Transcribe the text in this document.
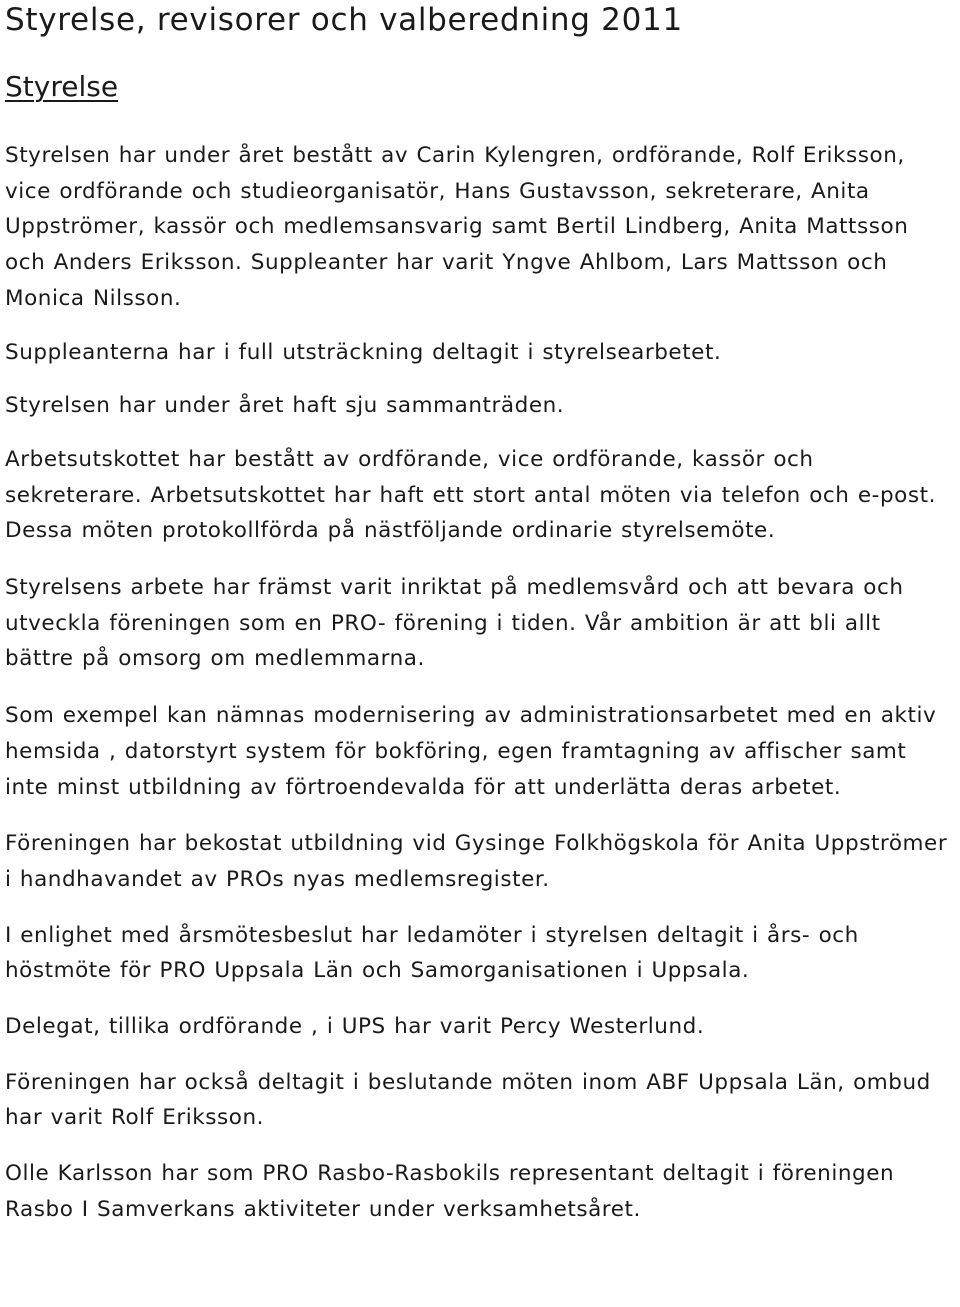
Styrelse, revisorer och valberedning 2011
Styrelse

Styrelsen har under året bestått av Carin Kylengren, ordförande, Rolf Eriksson, vice ordförande och studieorganisatör, Hans Gustavsson, sekreterare, Anita Uppströmer, kassör och medlemsansvarig samt Bertil Lindberg, Anita Mattsson och Anders Eriksson. Suppleanter har varit Yngve Ahlbom, Lars Mattsson och Monica Nilsson.

Suppleanterna har i full utsträckning deltagit i styrelsearbetet.

Styrelsen har under året haft sju sammanträden.

Arbetsutskottet har bestått av ordförande, vice ordförande, kassör och sekreterare. Arbetsutskottet har haft ett stort antal möten via telefon och e-post. Dessa möten protokollförda på nästföljande ordinarie styrelsemöte.

Styrelsens arbete har främst varit inriktat på medlemsvård och att bevara och utveckla föreningen som en PRO- förening i tiden. Vår ambition är att bli allt bättre på omsorg om medlemmarna.

Som exempel kan nämnas modernisering av administrationsarbetet med en aktiv hemsida , datorstyrt system för bokföring, egen framtagning av affischer samt inte minst utbildning av förtroendevalda för att underlätta deras arbetet.

Föreningen har bekostat utbildning vid Gysinge Folkhögskola för Anita Uppströmer i handhavandet av PROs nyas medlemsregister.

I enlighet med årsmötesbeslut har ledamöter i styrelsen deltagit i års- och höstmöte för PRO Uppsala Län och Samorganisationen i Uppsala.

Delegat, tillika ordförande , i UPS har varit Percy Westerlund.

Föreningen har också deltagit i beslutande möten inom ABF Uppsala Län, ombud har varit Rolf Eriksson.

Olle Karlsson har som PRO Rasbo-Rasbokils representant deltagit i föreningen Rasbo I Samverkans aktiviteter under verksamhetsåret.
